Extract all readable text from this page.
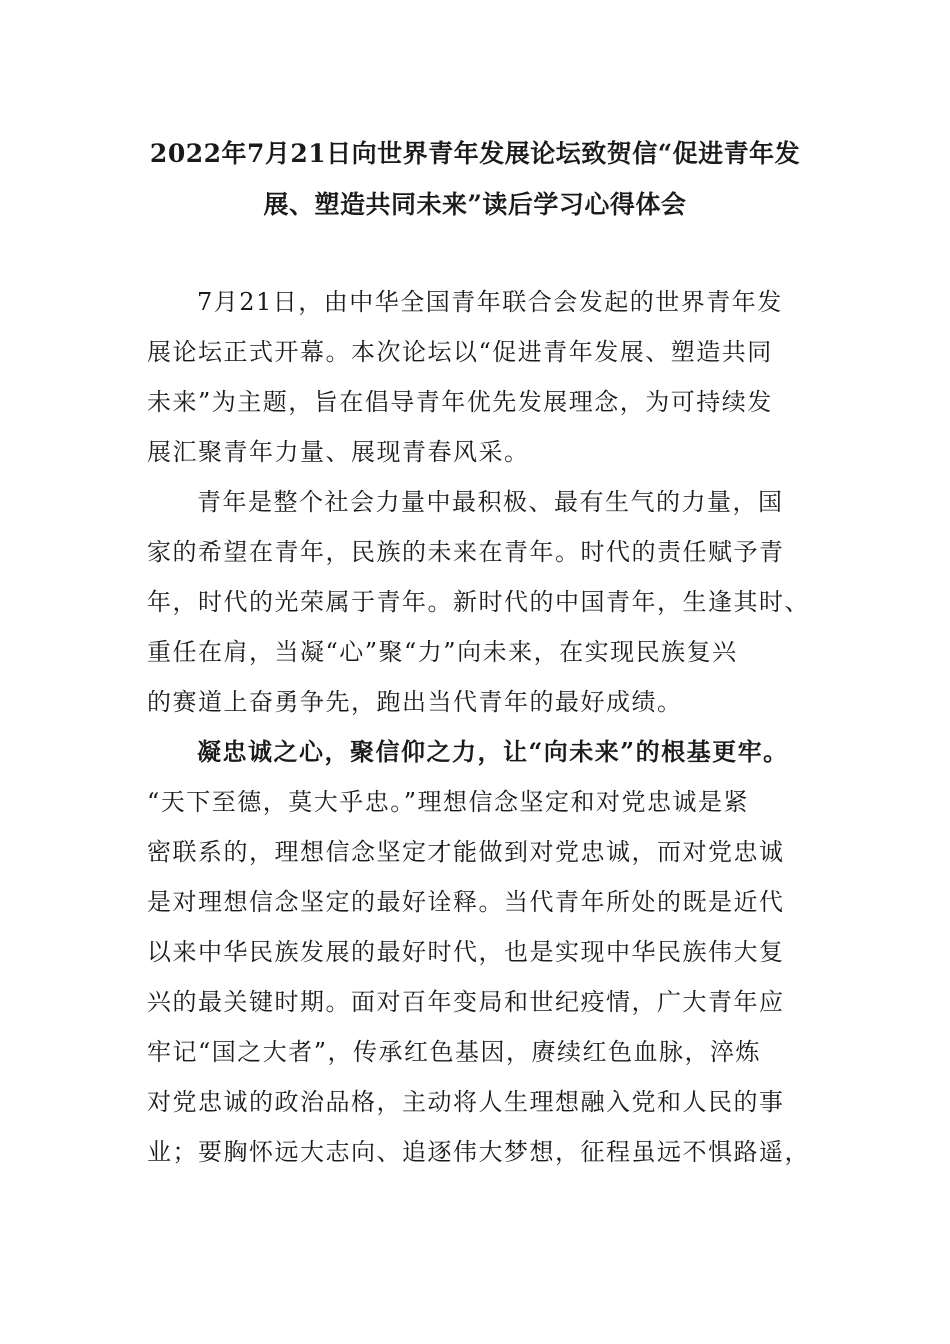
2022年7月21日向世界青年发展论坛致贺信“促进青年发
展、塑造共同未来”读后学习心得体会
7月21日，由中华全国青年联合会发起的世界青年发
展论坛正式开幕。本次论坛以“促进青年发展、塑造共同
未来”为主题，旨在倡导青年优先发展理念，为可持续发
展汇聚青年力量、展现青春风采。
青年是整个社会力量中最积极、最有生气的力量，国
家的希望在青年，民族的未来在青年。时代的责任赋予青
年，时代的光荣属于青年。新时代的中国青年，生逢其时、
重任在肩，当凝“心”聚“力”向未来，在实现民族复兴
的赛道上奋勇争先，跑出当代青年的最好成绩。
凝忠诚之心，聚信仰之力，让“向未来”的根基更牢。
“天下至德，莫大乎忠。”理想信念坚定和对党忠诚是紧
密联系的，理想信念坚定才能做到对党忠诚，而对党忠诚
是对理想信念坚定的最好诠释。当代青年所处的既是近代
以来中华民族发展的最好时代，也是实现中华民族伟大复
兴的最关键时期。面对百年变局和世纪疫情，广大青年应
牢记“国之大者”，传承红色基因，赓续红色血脉，淬炼
对党忠诚的政治品格，主动将人生理想融入党和人民的事
业；要胸怀远大志向、追逐伟大梦想，征程虽远不惧路遥，
